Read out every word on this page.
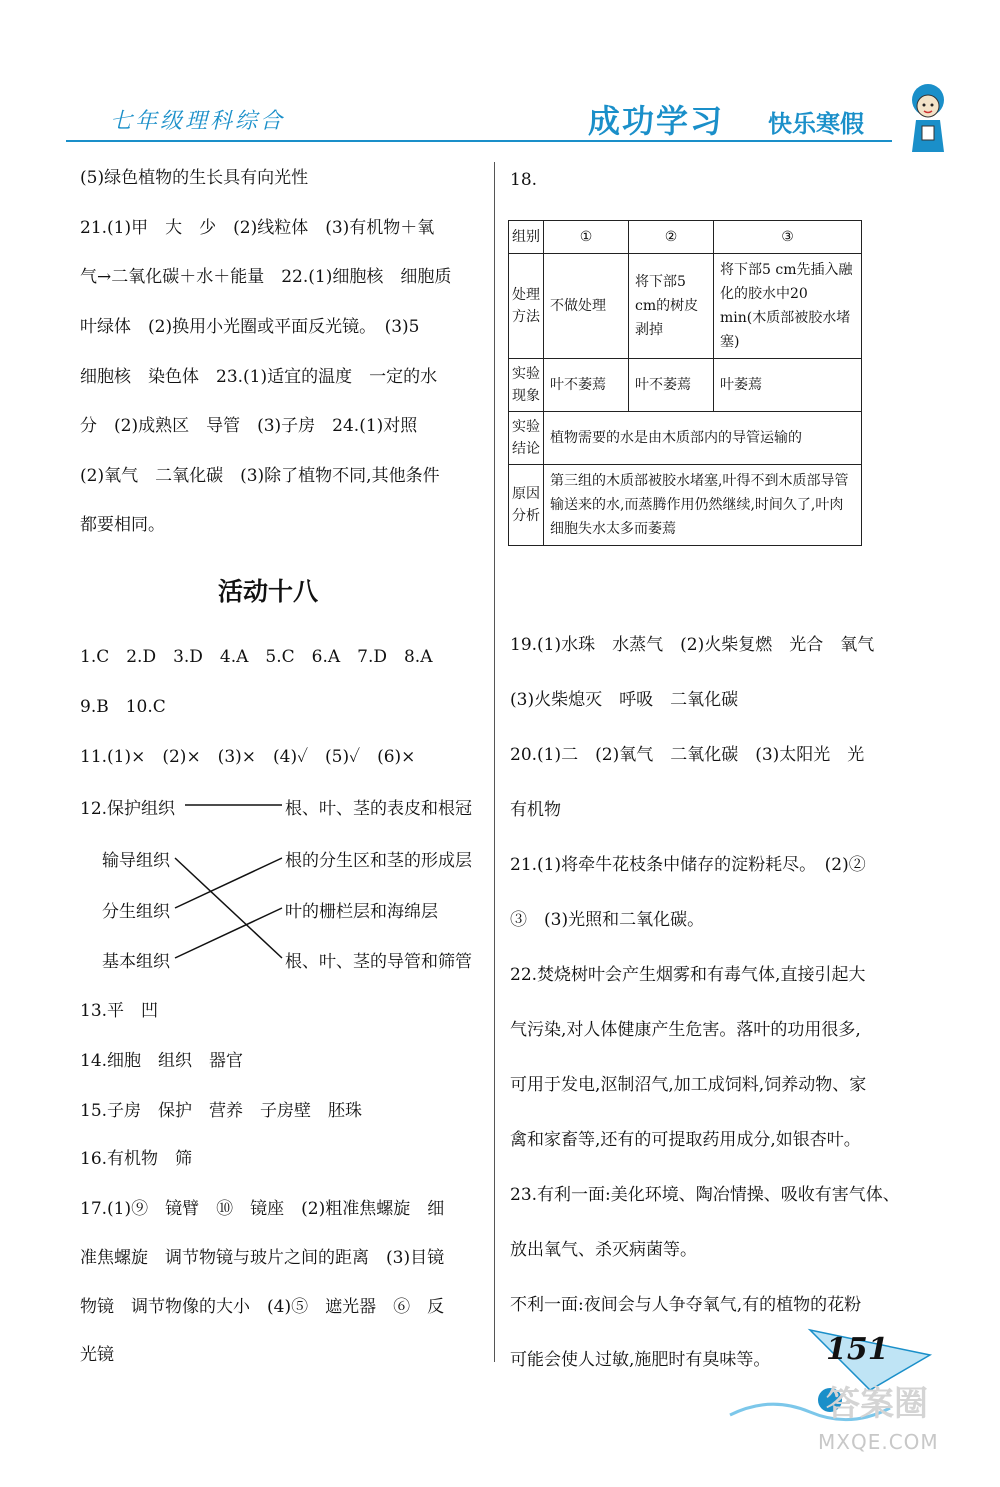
七年级理科综合	成功学习 快乐寒假
(5)绿色植物的生长具有向光性
21.(1)甲　大　少　(2)线粒体　(3)有机物＋氧
气→二氧化碳＋水＋能量　22.(1)细胞核　细胞质
叶绿体　(2)换用小光圈或平面反光镜。　(3)5
细胞核　染色体　23.(1)适宜的温度　一定的水
分　(2)成熟区　导管　(3)子房　24.(1)对照
(2)氧气　二氧化碳　(3)除了植物不同,其他条件
都要相同。
活动十八
1.C　2.D　3.D　4.A　5.C　6.A　7.D　8.A
9.B　10.C
11.(1)×　(2)×　(3)×　(4)✓　(5)✓　(6)×
12.保护组织	根、叶、茎的表皮和根冠
输导组织	根的分生区和茎的形成层
分生组织	叶的栅栏层和海绵层
基本组织	根、叶、茎的导管和筛管
13.平　凹
14.细胞　组织　器官
15.子房　保护　营养　子房壁　胚珠
16.有机物　筛
17.(1)⑨　镜臂　⑩　镜座　(2)粗准焦螺旋　细
准焦螺旋　调节物镜与玻片之间的距离　(3)目镜
物镜　调节物像的大小　(4)⑤　遮光器　⑥　反
光镜
18.
组别	①	②	③
处理方法	不做处理	将下部5 cm的树皮剥掉	将下部5 cm先插入融化的胶水中20 min(木质部被胶水堵塞)
实验现象	叶不萎蔫	叶不萎蔫	叶萎蔫
实验结论	植物需要的水是由木质部内的导管运输的		
原因分析	第三组的木质部被胶水堵塞,叶得不到木质部导管输送来的水,而蒸腾作用仍然继续,时间久了,叶肉细胞失水太多而萎蔫		
19.(1)水珠　水蒸气　(2)火柴复燃　光合　氧气
(3)火柴熄灭　呼吸　二氧化碳
20.(1)二　(2)氧气　二氧化碳　(3)太阳光　光
有机物
21.(1)将牵牛花枝条中储存的淀粉耗尽。　(2)②
③　(3)光照和二氧化碳。
22.焚烧树叶会产生烟雾和有毒气体,直接引起大
气污染,对人体健康产生危害。落叶的功用很多,
可用于发电,沤制沼气,加工成饲料,饲养动物、家
禽和家畜等,还有的可提取药用成分,如银杏叶。
23.有利一面:美化环境、陶冶情操、吸收有害气体、
放出氧气、杀灭病菌等。
不利一面:夜间会与人争夺氧气,有的植物的花粉
可能会使人过敏,施肥时有臭味等。 151
答案圈
MXQE.COM
